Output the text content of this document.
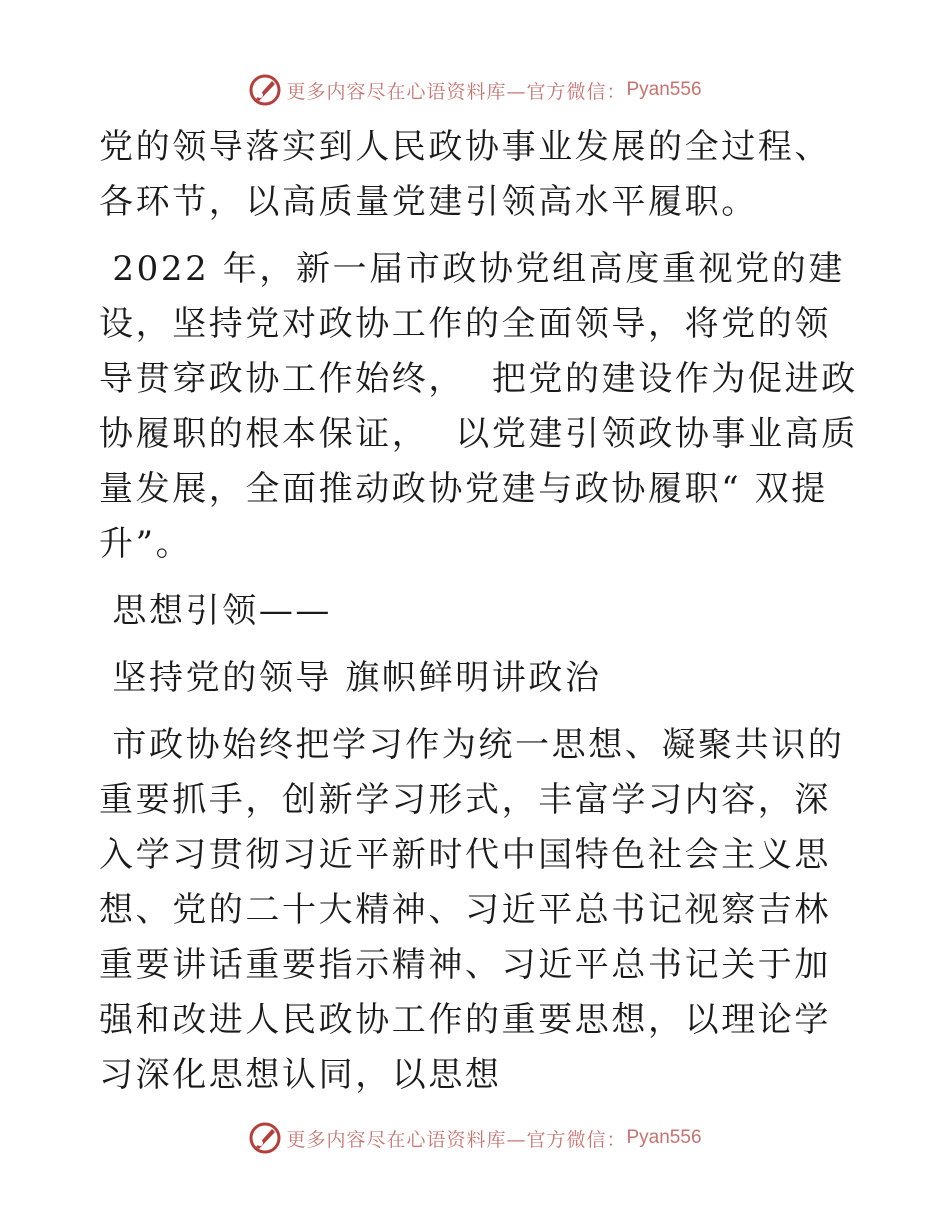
更多内容尽在心语资料库—官方微信： Pyan556

党的领导落实到人民政协事业发展的全过程、各环节，以高质量党建引领高水平履职。

2022 年，新一届市政协党组高度重视党的建设，坚持党对政协工作的全面领导，将党的领导贯穿政协工作始终，  把党的建设作为促进政协履职的根本保证，  以党建引领政协事业高质量发展，全面推动政协党建与政协履职“ 双提升”。

思想引领——

坚持党的领导 旗帜鲜明讲政治

市政协始终把学习作为统一思想、凝聚共识的重要抓手，创新学习形式，丰富学习内容，深入学习贯彻习近平新时代中国特色社会主义思想、党的二十大精神、习近平总书记视察吉林重要讲话重要指示精神、习近平总书记关于加强和改进人民政协工作的重要思想，以理论学习深化思想认同，以思想

更多内容尽在心语资料库—官方微信： Pyan556
